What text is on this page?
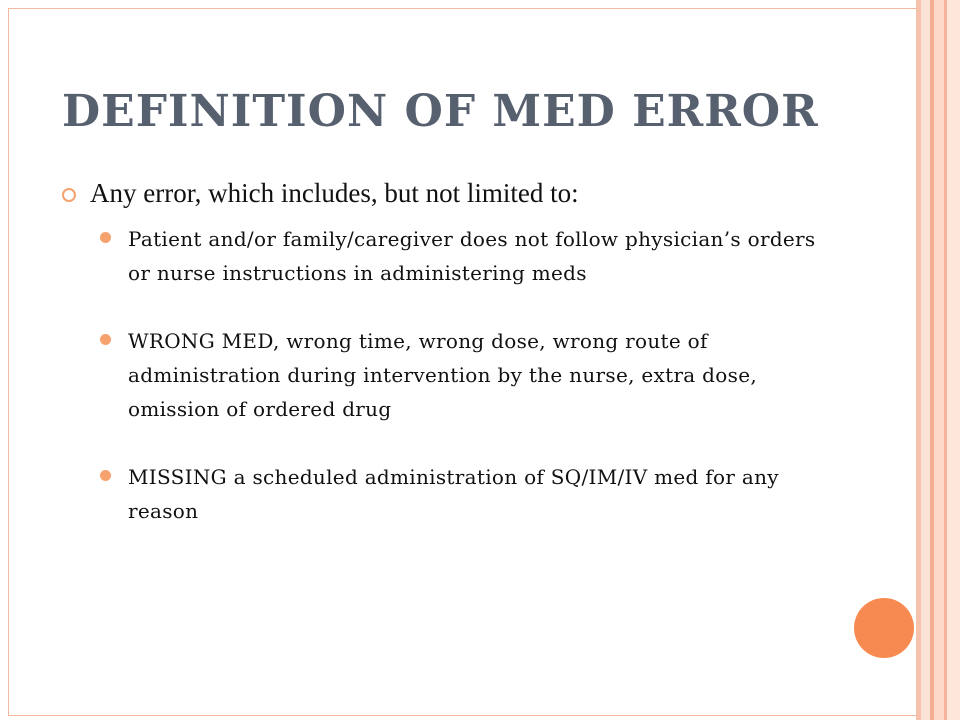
DEFINITION OF MED ERROR
Any error, which includes, but not limited to:
Patient and/or family/caregiver does not follow physician’s orders or nurse instructions in administering meds
WRONG MED, wrong time, wrong dose, wrong route of administration during intervention by the nurse, extra dose, omission of ordered drug
MISSING a scheduled administration of SQ/IM/IV med for any reason
